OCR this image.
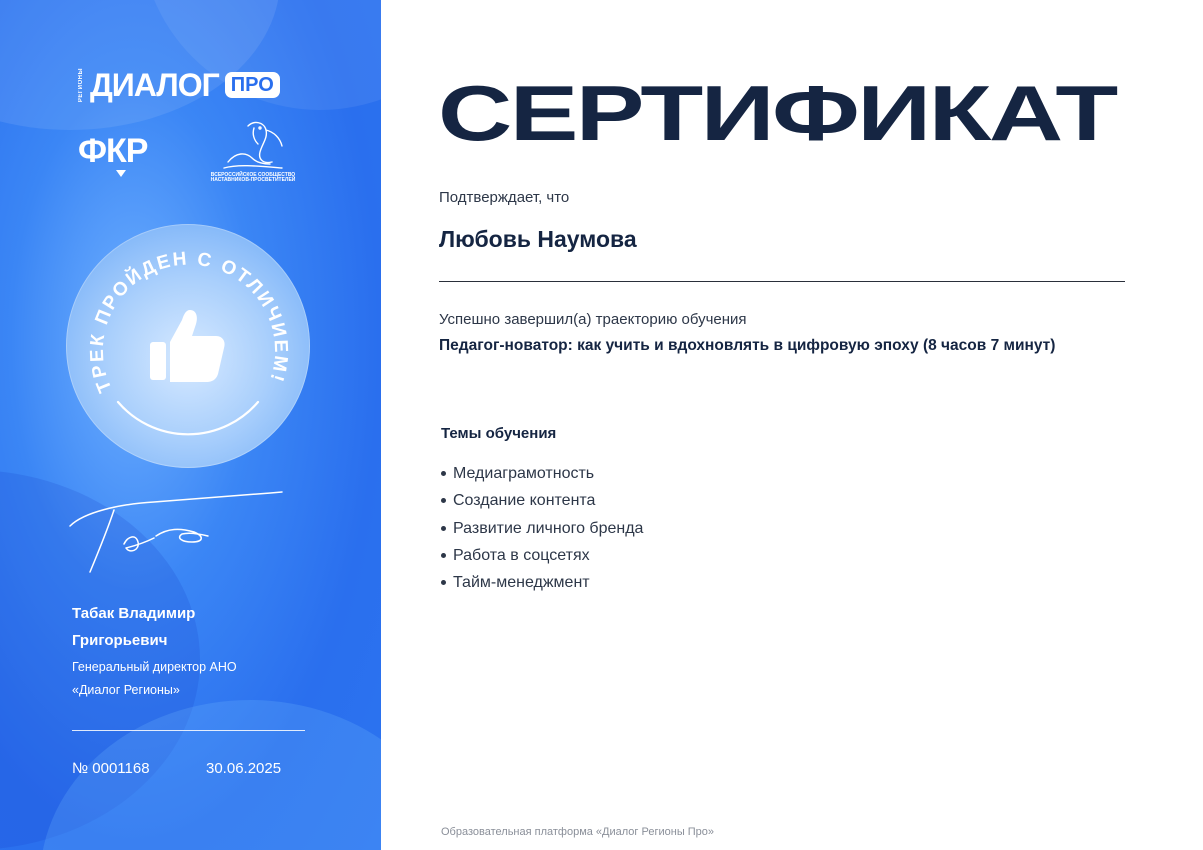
РЕГИОНЫ ДИАЛОГ ПРО
ФКР
ВСЕРОССИЙСКОЕ СООБЩЕСТВО
НАСТАВНИКОВ-ПРОСВЕТИТЕЛЕЙ
ТРЕК ПРОЙДЕН С ОТЛИЧИЕМ!
Табак Владимир
Григорьевич
Генеральный директор АНО
«Диалог Регионы»
№ 0001168	30.06.2025
СЕРТИФИКАТ
Подтверждает, что
Любовь Наумова
Успешно завершил(а) траекторию обучения
Педагог-новатор: как учить и вдохновлять в цифровую эпоху (8 часов 7 минут)
Темы обучения
Медиаграмотность
Создание контента
Развитие личного бренда
Работа в соцсетях
Тайм-менеджмент
Образовательная платформа «Диалог Регионы Про»
